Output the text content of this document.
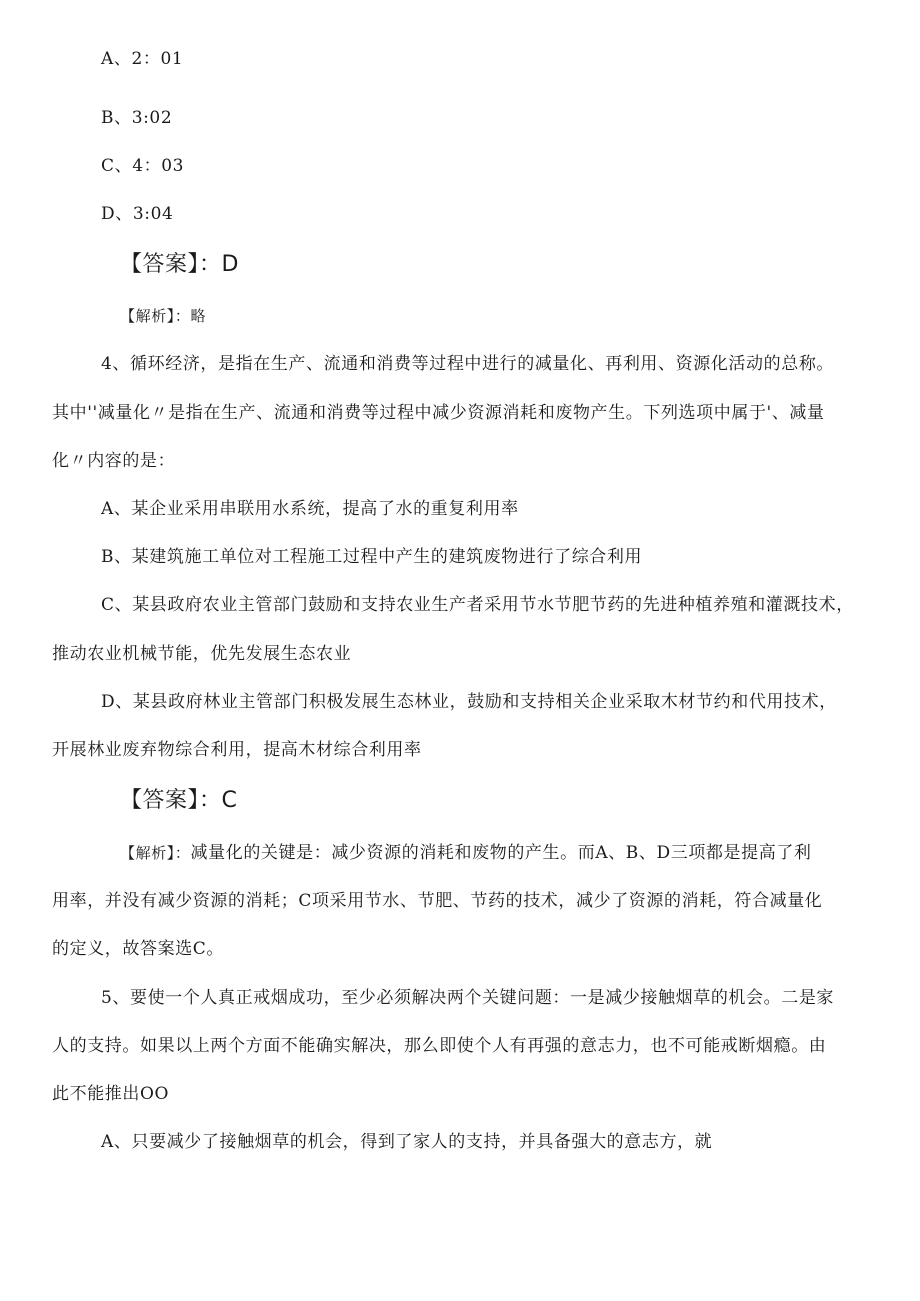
A、2：01
B、3:02
C、4：03
D、3:04
【答案】：D
【解析】：略
4、循环经济，是指在生产、流通和消费等过程中进行的减量化、再利用、资源化活动的总称。
其中''减量化〃是指在生产、流通和消费等过程中减少资源消耗和废物产生。下列选项中属于'、减量
化〃内容的是：
A、某企业采用串联用水系统，提高了水的重复利用率
B、某建筑施工单位对工程施工过程中产生的建筑废物进行了综合利用
C、某县政府农业主管部门鼓励和支持农业生产者采用节水节肥节药的先进种植养殖和灌溉技术，
推动农业机械节能，优先发展生态农业
D、某县政府林业主管部门积极发展生态林业，鼓励和支持相关企业采取木材节约和代用技术，
开展林业废弃物综合利用，提高木材综合利用率
【答案】：C
【解析】：减量化的关键是：减少资源的消耗和废物的产生。而A、B、D三项都是提高了利
用率，并没有减少资源的消耗；C项采用节水、节肥、节药的技术，减少了资源的消耗，符合减量化
的定义，故答案选C。
5、要使一个人真正戒烟成功，至少必须解决两个关键问题：一是减少接触烟草的机会。二是家
人的支持。如果以上两个方面不能确实解决，那么即使个人有再强的意志力，也不可能戒断烟瘾。由
此不能推出OO
A、只要减少了接触烟草的机会，得到了家人的支持，并具备强大的意志方，就
